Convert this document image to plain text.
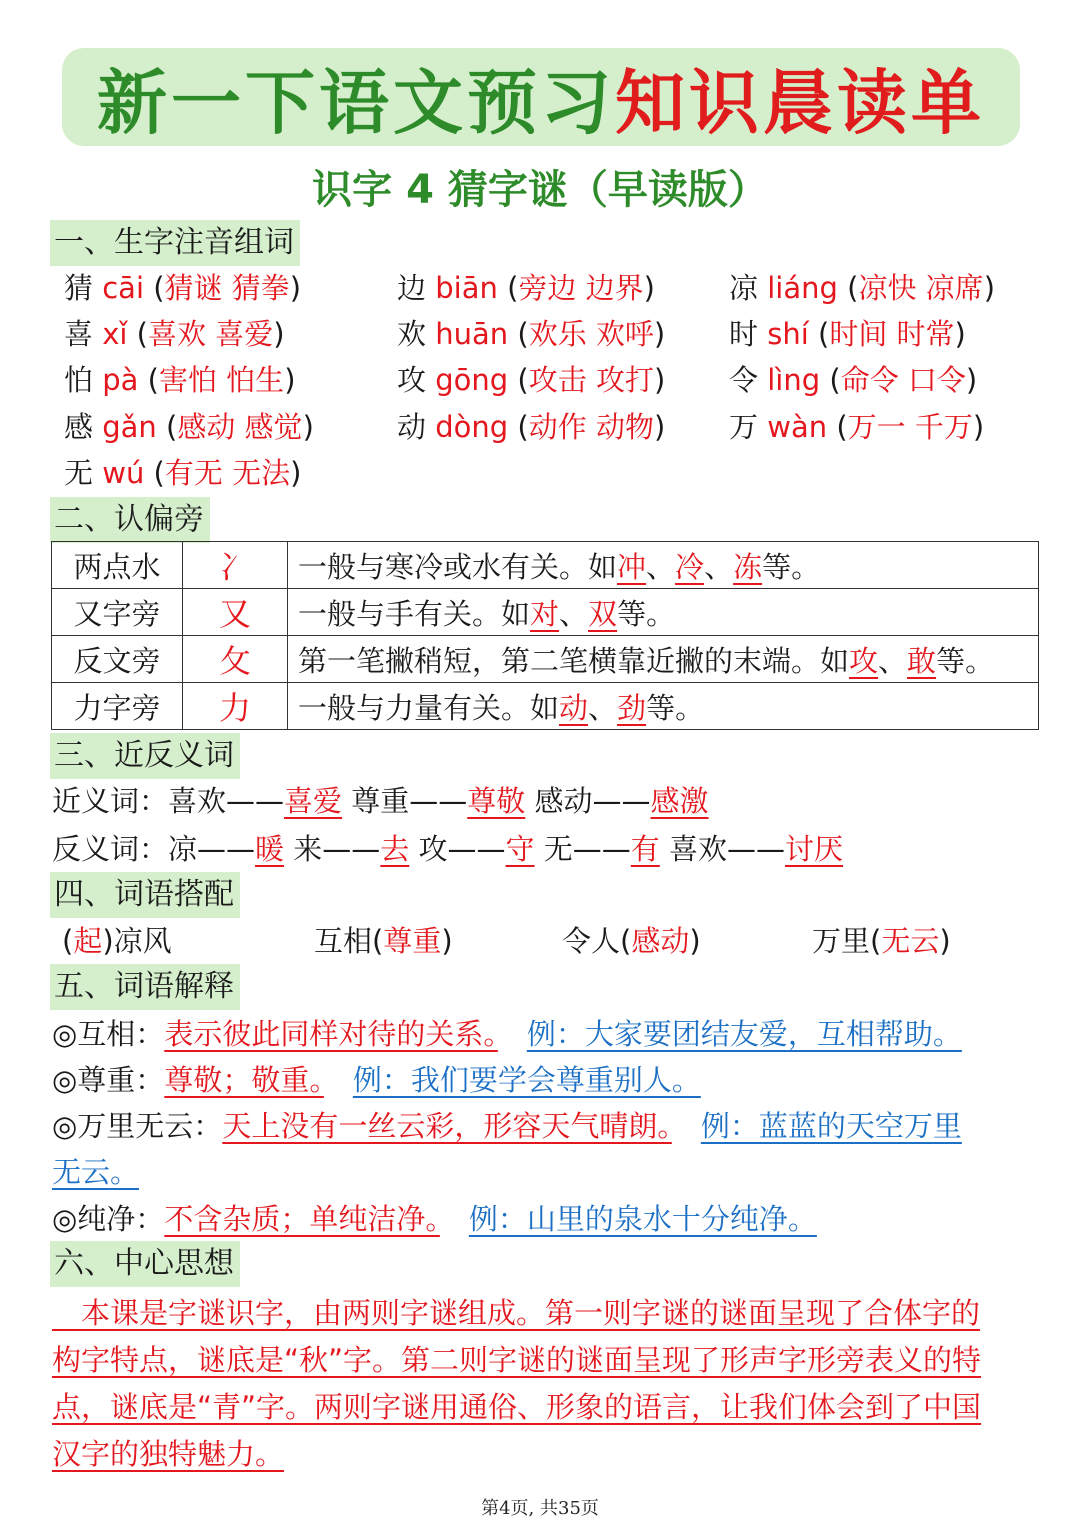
新一下语文预习 知识晨读单
识字 4 猜字谜（早读版）
一、生字注音组词
猜 cāi (猜谜 猜拳)	边 biān (旁边 边界)	凉 liáng (凉快 凉席)
喜 xǐ (喜欢 喜爱)	欢 huān (欢乐 欢呼) 时 shí (时间 时常)
怕 pà (害怕 怕生)	攻 gōng (攻击 攻打) 令 lìng (命令 口令)
感 gǎn (感动 感觉)	动 dòng (动作 动物) 万 wàn (万一 千万)
无 wú (有无 无法)
二、认偏旁
两点水	冫	一般与寒冷或水有关。如冲、冷、冻等。
又字旁	又	一般与手有关。如对、双等。
反文旁	攵	第一笔撇稍短，第二笔横靠近撇的末端。如攻、敢等。
力字旁	力	一般与力量有关。如动、劲等。
三、近反义词
近义词：喜欢——喜爱 尊重——尊敬 感动——感激
反义词：凉——暖 来——去 攻——守 无——有 喜欢——讨厌
四、词语搭配
(起)凉风	互相(尊重)	令人(感动)	万里(无云)
五、词语解释
◎互相：表示彼此同样对待的关系。　 例：大家要团结友爱，互相帮助。
◎尊重：尊敬；敬重。　 例：我们要学会尊重别人。
◎万里无云：天上没有一丝云彩，形容天气晴朗。　 例：蓝蓝的天空万里
无云。
◎纯净：不含杂质；单纯洁净。　 例：山里的泉水十分纯净。
六、中心思想
　本课是字谜识字，由两则字谜组成。第一则字谜的谜面呈现了合体字的
构字特点，谜底是“秋”字。第二则字谜的谜面呈现了形声字形旁表义的特
点，谜底是“青”字。两则字谜用通俗、形象的语言，让我们体会到了中国
汉字的独特魅力。
第4页, 共35页
